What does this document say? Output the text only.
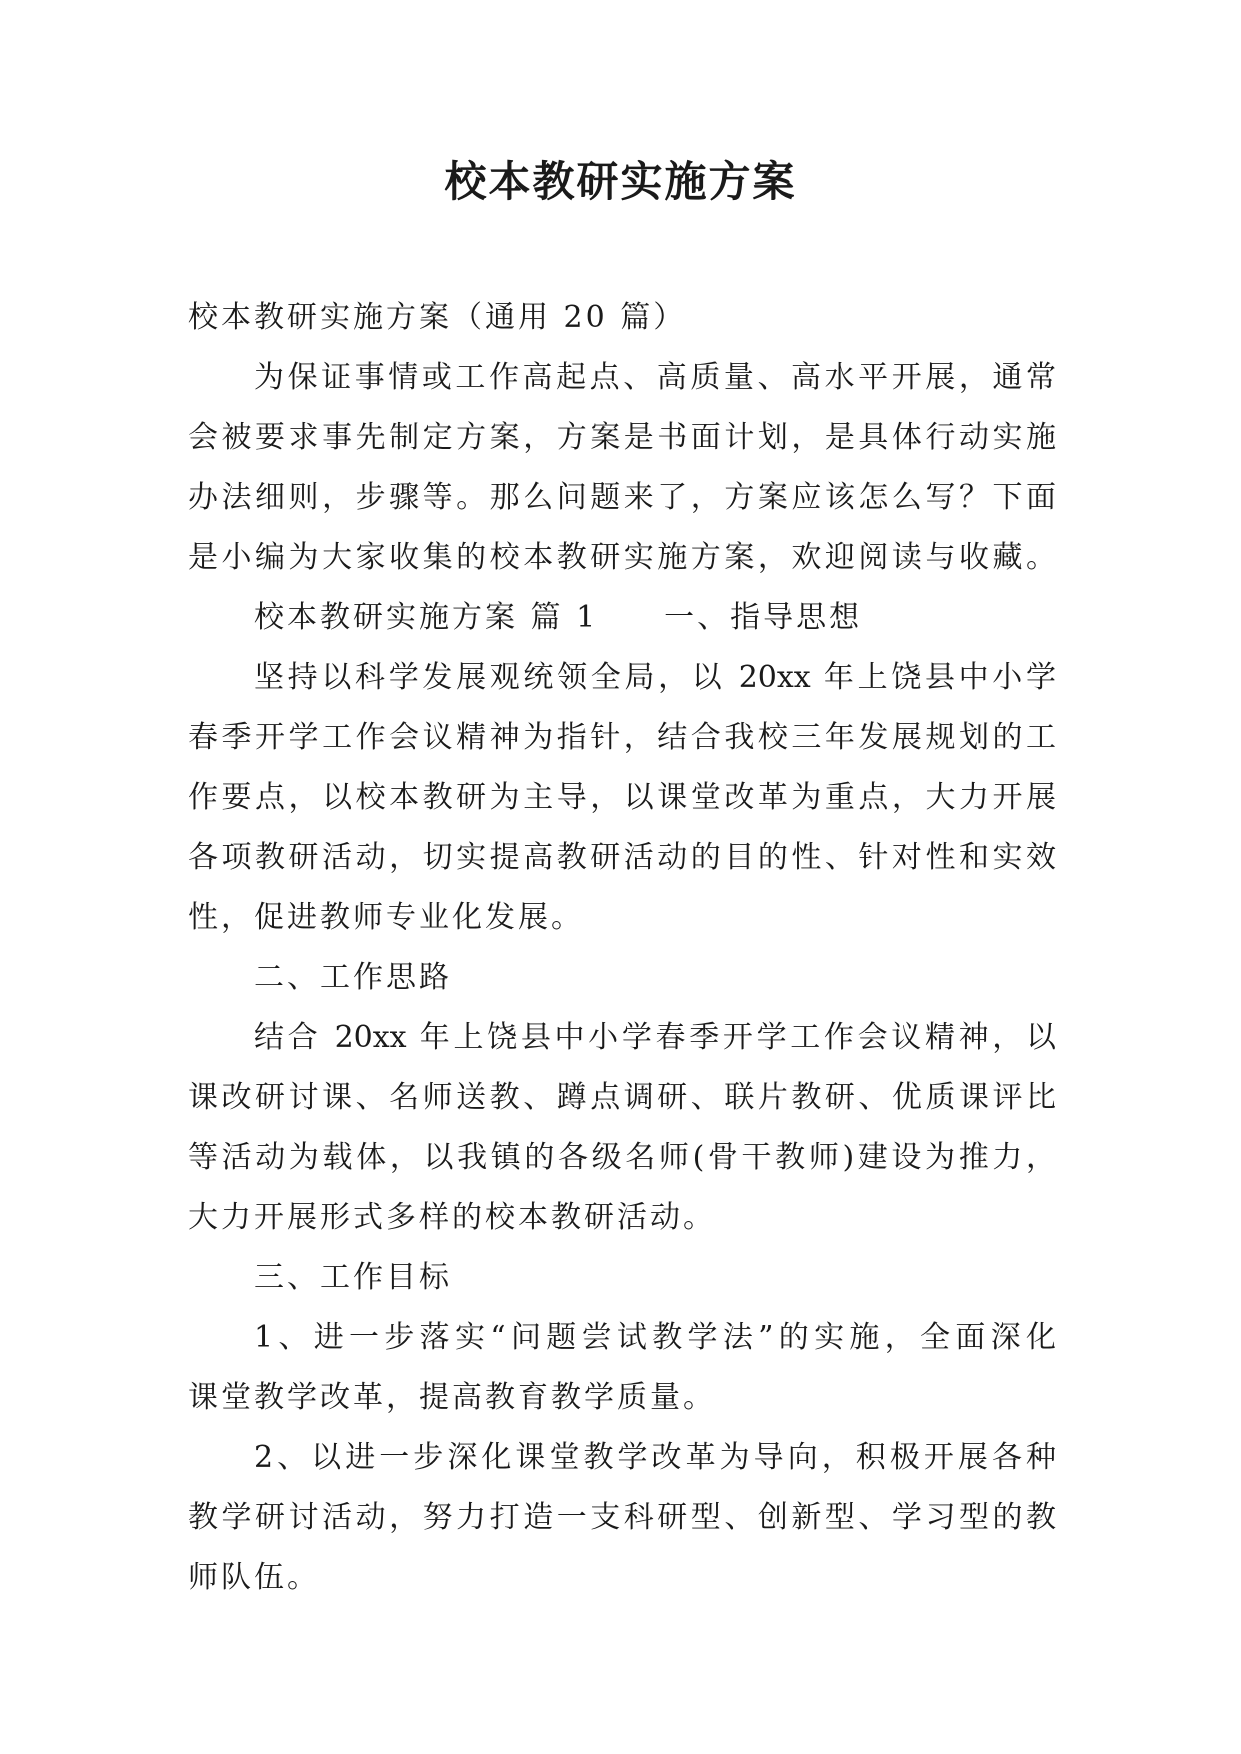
校本教研实施方案
校本教研实施方案（通用 20 篇）
为保证事情或工作高起点、高质量、高水平开展，通常
会被要求事先制定方案，方案是书面计划，是具体行动实施
办法细则，步骤等。那么问题来了，方案应该怎么写？下面
是小编为大家收集的校本教研实施方案，欢迎阅读与收藏。
校本教研实施方案 篇 1　　一、指导思想
坚持以科学发展观统领全局，以 20xx 年上饶县中小学
春季开学工作会议精神为指针，结合我校三年发展规划的工
作要点，以校本教研为主导，以课堂改革为重点，大力开展
各项教研活动，切实提高教研活动的目的性、针对性和实效
性，促进教师专业化发展。
二、工作思路
结合 20xx 年上饶县中小学春季开学工作会议精神，以
课改研讨课、名师送教、蹲点调研、联片教研、优质课评比
等活动为载体，以我镇的各级名师(骨干教师)建设为推力，
大力开展形式多样的校本教研活动。
三、工作目标
1、进一步落实“问题尝试教学法”的实施，全面深化
课堂教学改革，提高教育教学质量。
2、以进一步深化课堂教学改革为导向，积极开展各种
教学研讨活动，努力打造一支科研型、创新型、学习型的教
师队伍。
